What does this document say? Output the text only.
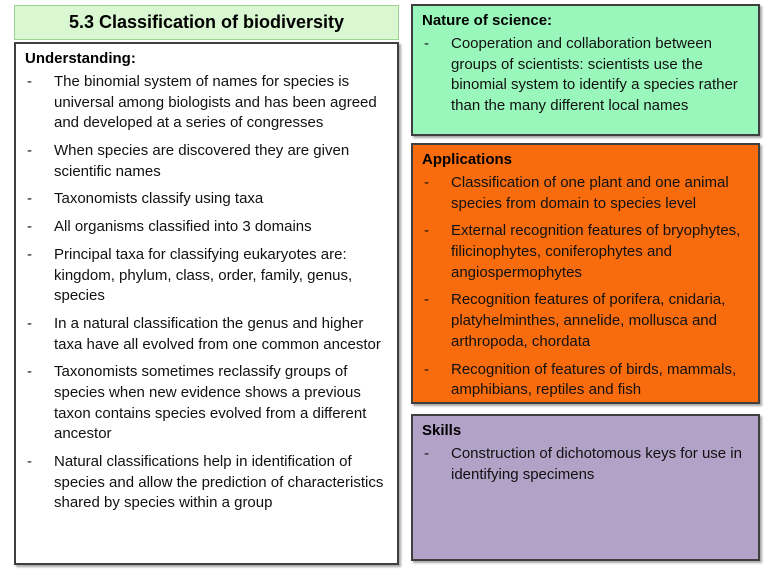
5.3 Classification of biodiversity
Understanding:
-	The binomial system of names for species is universal among biologists and has been agreed and developed at a series of congresses
-	When species are discovered they are given scientific names
-	Taxonomists classify using taxa
-	All organisms classified into 3 domains
-	Principal taxa for classifying eukaryotes are: kingdom, phylum, class, order, family, genus, species
-	In a natural classification the genus and higher taxa have all evolved from one common ancestor
-	Taxonomists sometimes reclassify groups of species when new evidence shows a previous taxon contains species evolved from a different ancestor
-	Natural classifications help in identification of species and allow the prediction of characteristics shared by species within a group
Nature of science:
-	Cooperation and collaboration between groups of scientists: scientists use the binomial system to identify a species rather than the many different local names
Applications
-	Classification of one plant and one animal species from domain to species level
-	External recognition features of bryophytes, filicinophytes, coniferophytes and angiospermophytes
-	Recognition features of porifera, cnidaria, platyhelminthes, annelide, mollusca and arthropoda, chordata
-	Recognition of features of birds, mammals, amphibians, reptiles and fish
Skills
-	Construction of dichotomous keys for use in identifying specimens
